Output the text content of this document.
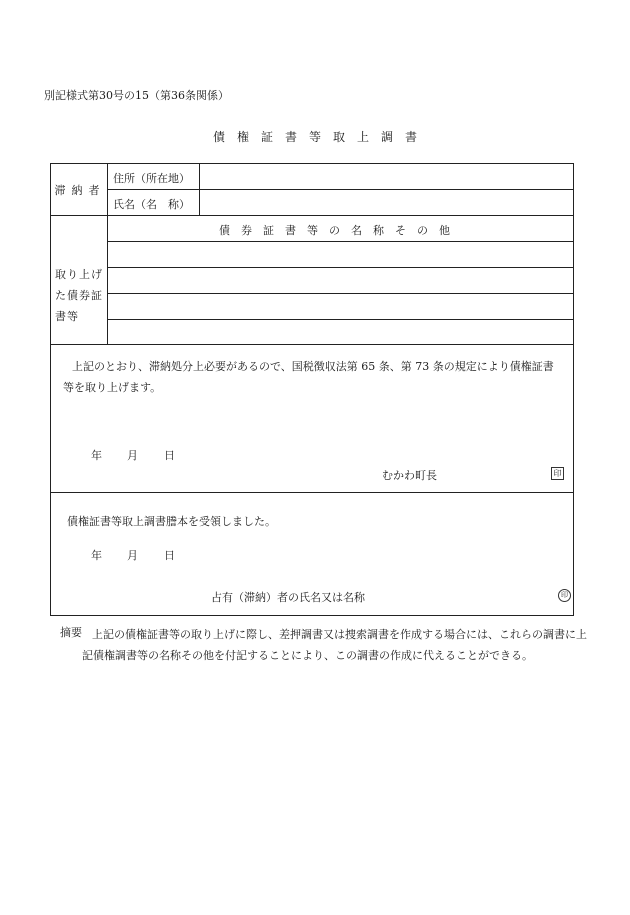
別記様式第30号の15（第36条関係）
債権証書等取上調書
滞納者
住所（所在地）
氏名（名　称）
取り上げ
た債券証
書等
債券証書等の名称その他
上記のとおり、滞納処分上必要があるので、国税徴収法第 65 条、第 73 条の規定により債権証書等を取り上げます。
年 月 日
むかわ町長	印
債権証書等取上調書謄本を受領しました。
年 月 日
占有（滞納）者の氏名又は名称	印
摘要 上記の債権証書等の取り上げに際し、差押調書又は捜索調書を作成する場合には、これらの調書に上記債権調書等の名称その他を付記することにより、この調書の作成に代えることができる。
